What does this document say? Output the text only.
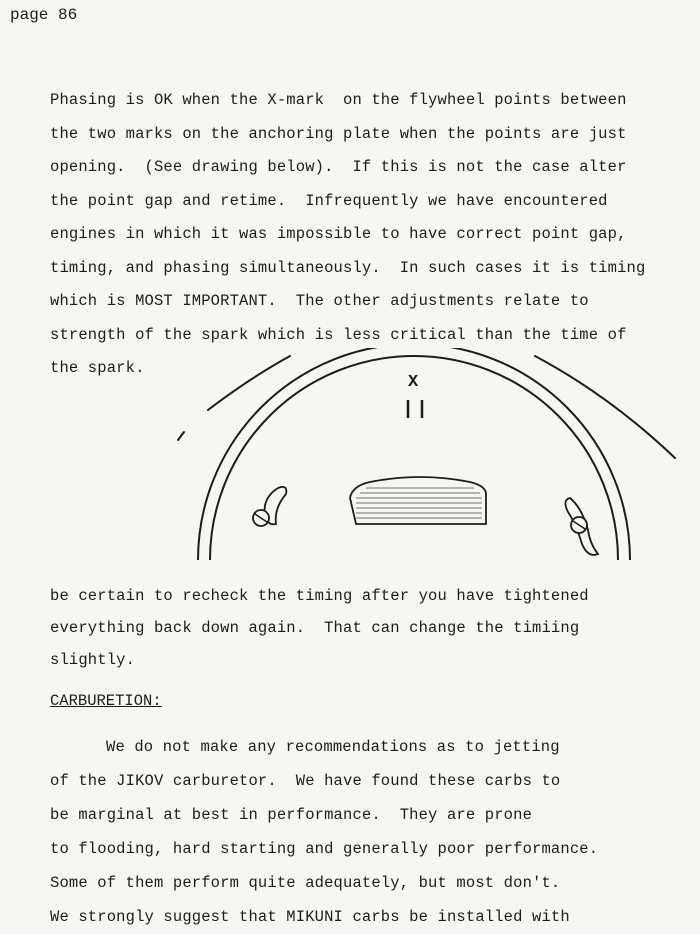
page 86
Phasing is OK when the X-mark  on the flywheel points between
the two marks on the anchoring plate when the points are just
opening.  (See drawing below).  If this is not the case alter
the point gap and retime.  Infrequently we have encountered
engines in which it was impossible to have correct point gap,
timing, and phasing simultaneously.  In such cases it is timing
which is MOST IMPORTANT.  The other adjustments relate to
strength of the spark which is less critical than the time of
the spark.
X
be certain to recheck the timing after you have tightened
everything back down again.  That can change the timiing
slightly.
CARBURETION:
We do not make any recommendations as to jetting
of the JIKOV carburetor.  We have found these carbs to
be marginal at best in performance.  They are prone
to flooding, hard starting and generally poor performance.
Some of them perform quite adequately, but most don't.
We strongly suggest that MIKUNI carbs be installed with
